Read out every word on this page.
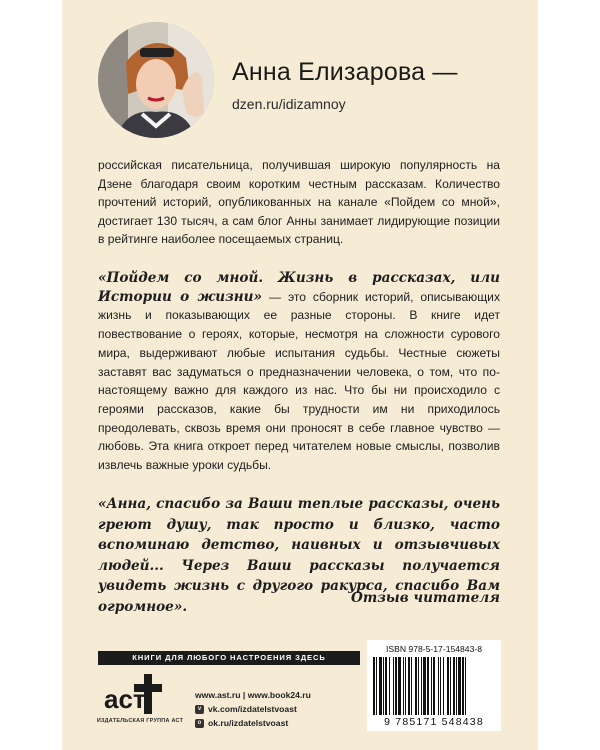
Анна Елизарова —
dzen.ru/idizamnoy

российская писательница, получившая широкую популярность на Дзене благодаря своим коротким честным рассказам. Количество прочтений историй, опубликованных на канале «Пойдем со мной», достигает 130 тысяч, а сам блог Анны занимает лидирующие позиции в рейтинге наиболее посещаемых страниц.

«Пойдем со мной. Жизнь в рассказах, или Истории о жизни» — это сборник историй, описывающих жизнь и показывающих ее разные стороны. В книге идет повествование о героях, которые, несмотря на сложности сурового мира, выдерживают любые испытания судьбы. Честные сюжеты заставят вас задуматься о предназначении человека, о том, что по-настоящему важно для каждого из нас. Что бы ни происходило с героями рассказов, какие бы трудности им ни приходилось преодолевать, сквозь время они проносят в себе главное чувство — любовь. Эта книга откроет перед читателем новые смыслы, позволив извлечь важные уроки судьбы.

«Анна, спасибо за Ваши теплые рассказы, очень греют душу, так просто и близко, часто вспоминаю детство, наивных и отзывчивых людей... Через Ваши рассказы получается увидеть жизнь с другого ракурса, спасибо Вам огромное».

Отзыв читателя
КНИГИ ДЛЯ ЛЮБОГО НАСТРОЕНИЯ ЗДЕСЬ
аст
ИЗДАТЕЛЬСКАЯ ГРУППА АСТ
www.ast.ru | www.book24.ru
v vk.com/izdatelstvoast
o ok.ru/izdatelstvoast
ISBN 978-5-17-154843-8
9 785171 548438
